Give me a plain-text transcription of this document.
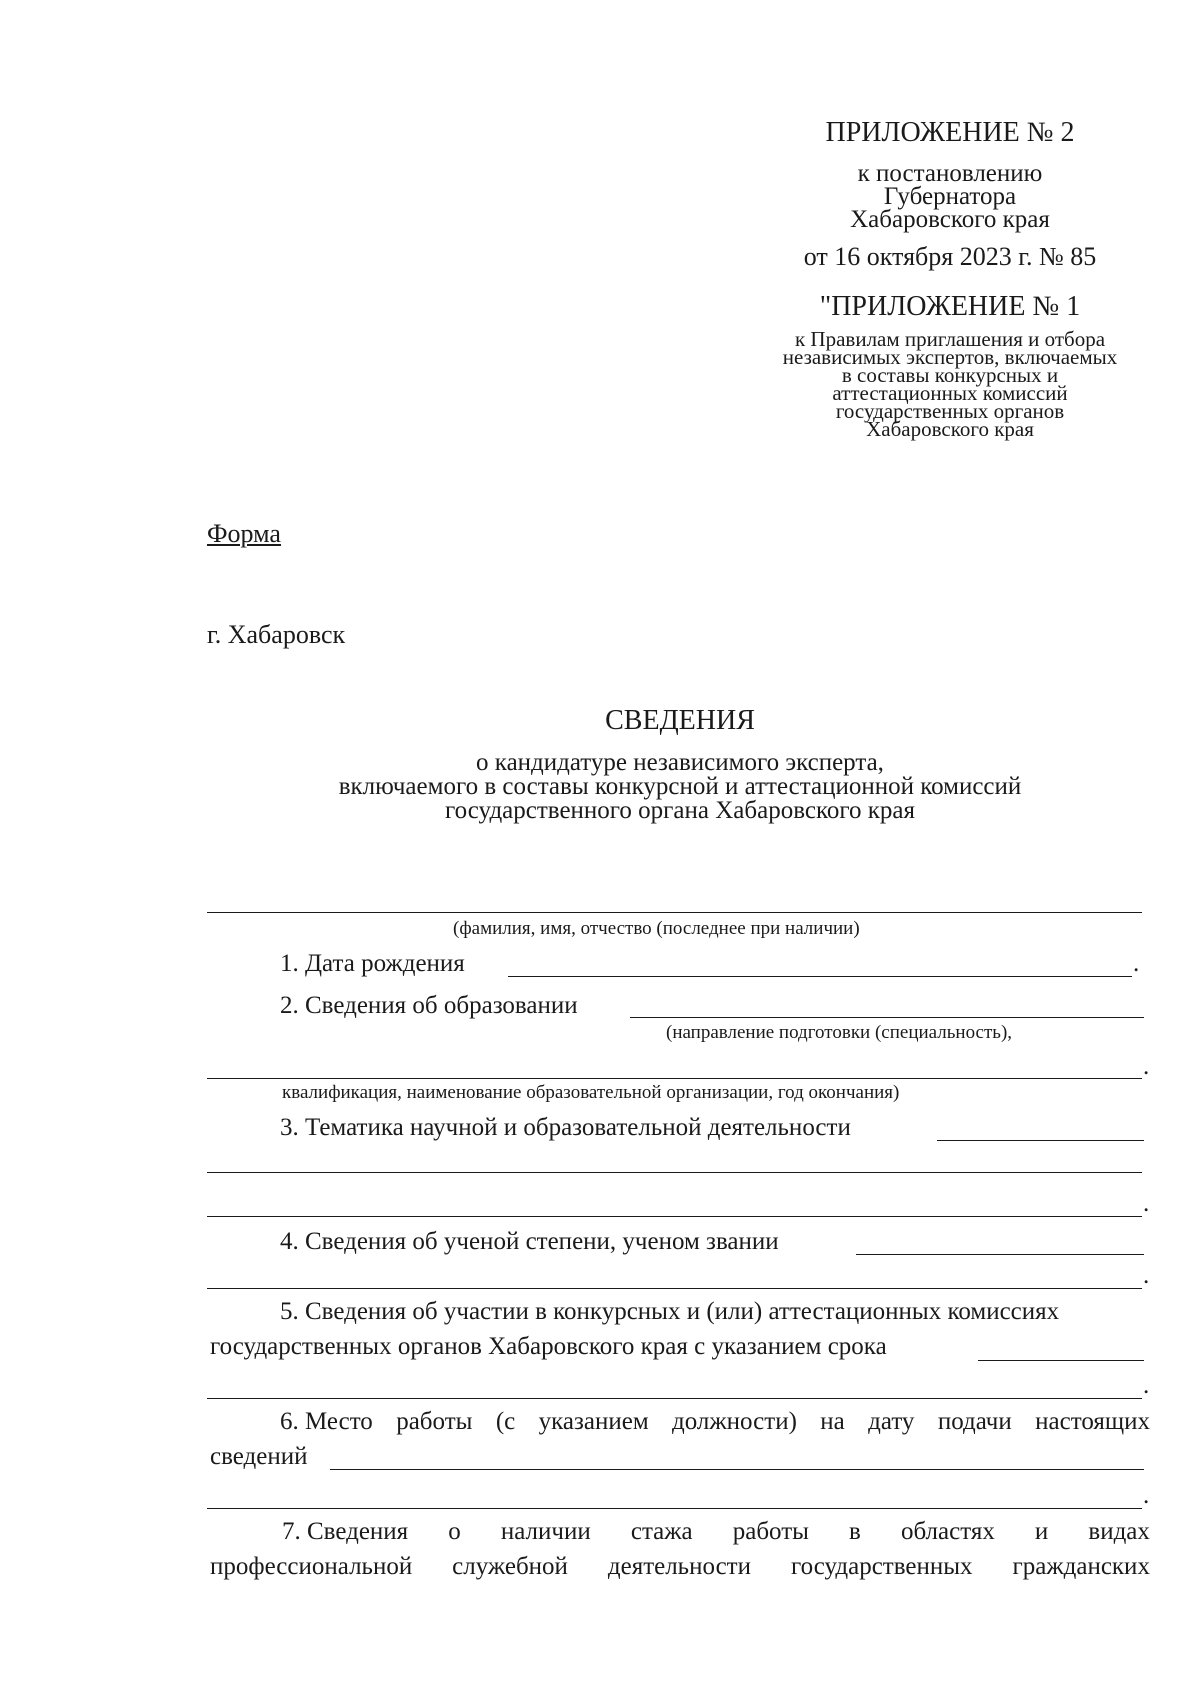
ПРИЛОЖЕНИЕ № 2
к постановлению
Губернатора
Хабаровского края
от 16 октября 2023 г. № 85
"ПРИЛОЖЕНИЕ № 1
к Правилам приглашения и отбора
независимых экспертов, включаемых
в составы конкурсных и
аттестационных комиссий
государственных органов
Хабаровского края
Форма
г. Хабаровск
СВЕДЕНИЯ
о кандидатуре независимого эксперта,
включаемого в составы конкурсной и аттестационной комиссий
государственного органа Хабаровского края
(фамилия, имя, отчество (последнее при наличии)
1. Дата рождения	.
2. Сведения об образовании
(направление подготовки (специальность),
.
квалификация, наименование образовательной организации, год окончания)
3. Тематика научной и образовательной деятельности
.
4. Сведения об ученой степени, ученом звании
.
5. Сведения об участии в конкурсных и (или) аттестационных комиссиях
государственных органов Хабаровского края с указанием срока
.
6. Место работы (с указанием должности) на дату подачи настоящих
сведений
.
7. Сведения о наличии стажа работы в областях и видах
профессиональной служебной деятельности государственных гражданских
